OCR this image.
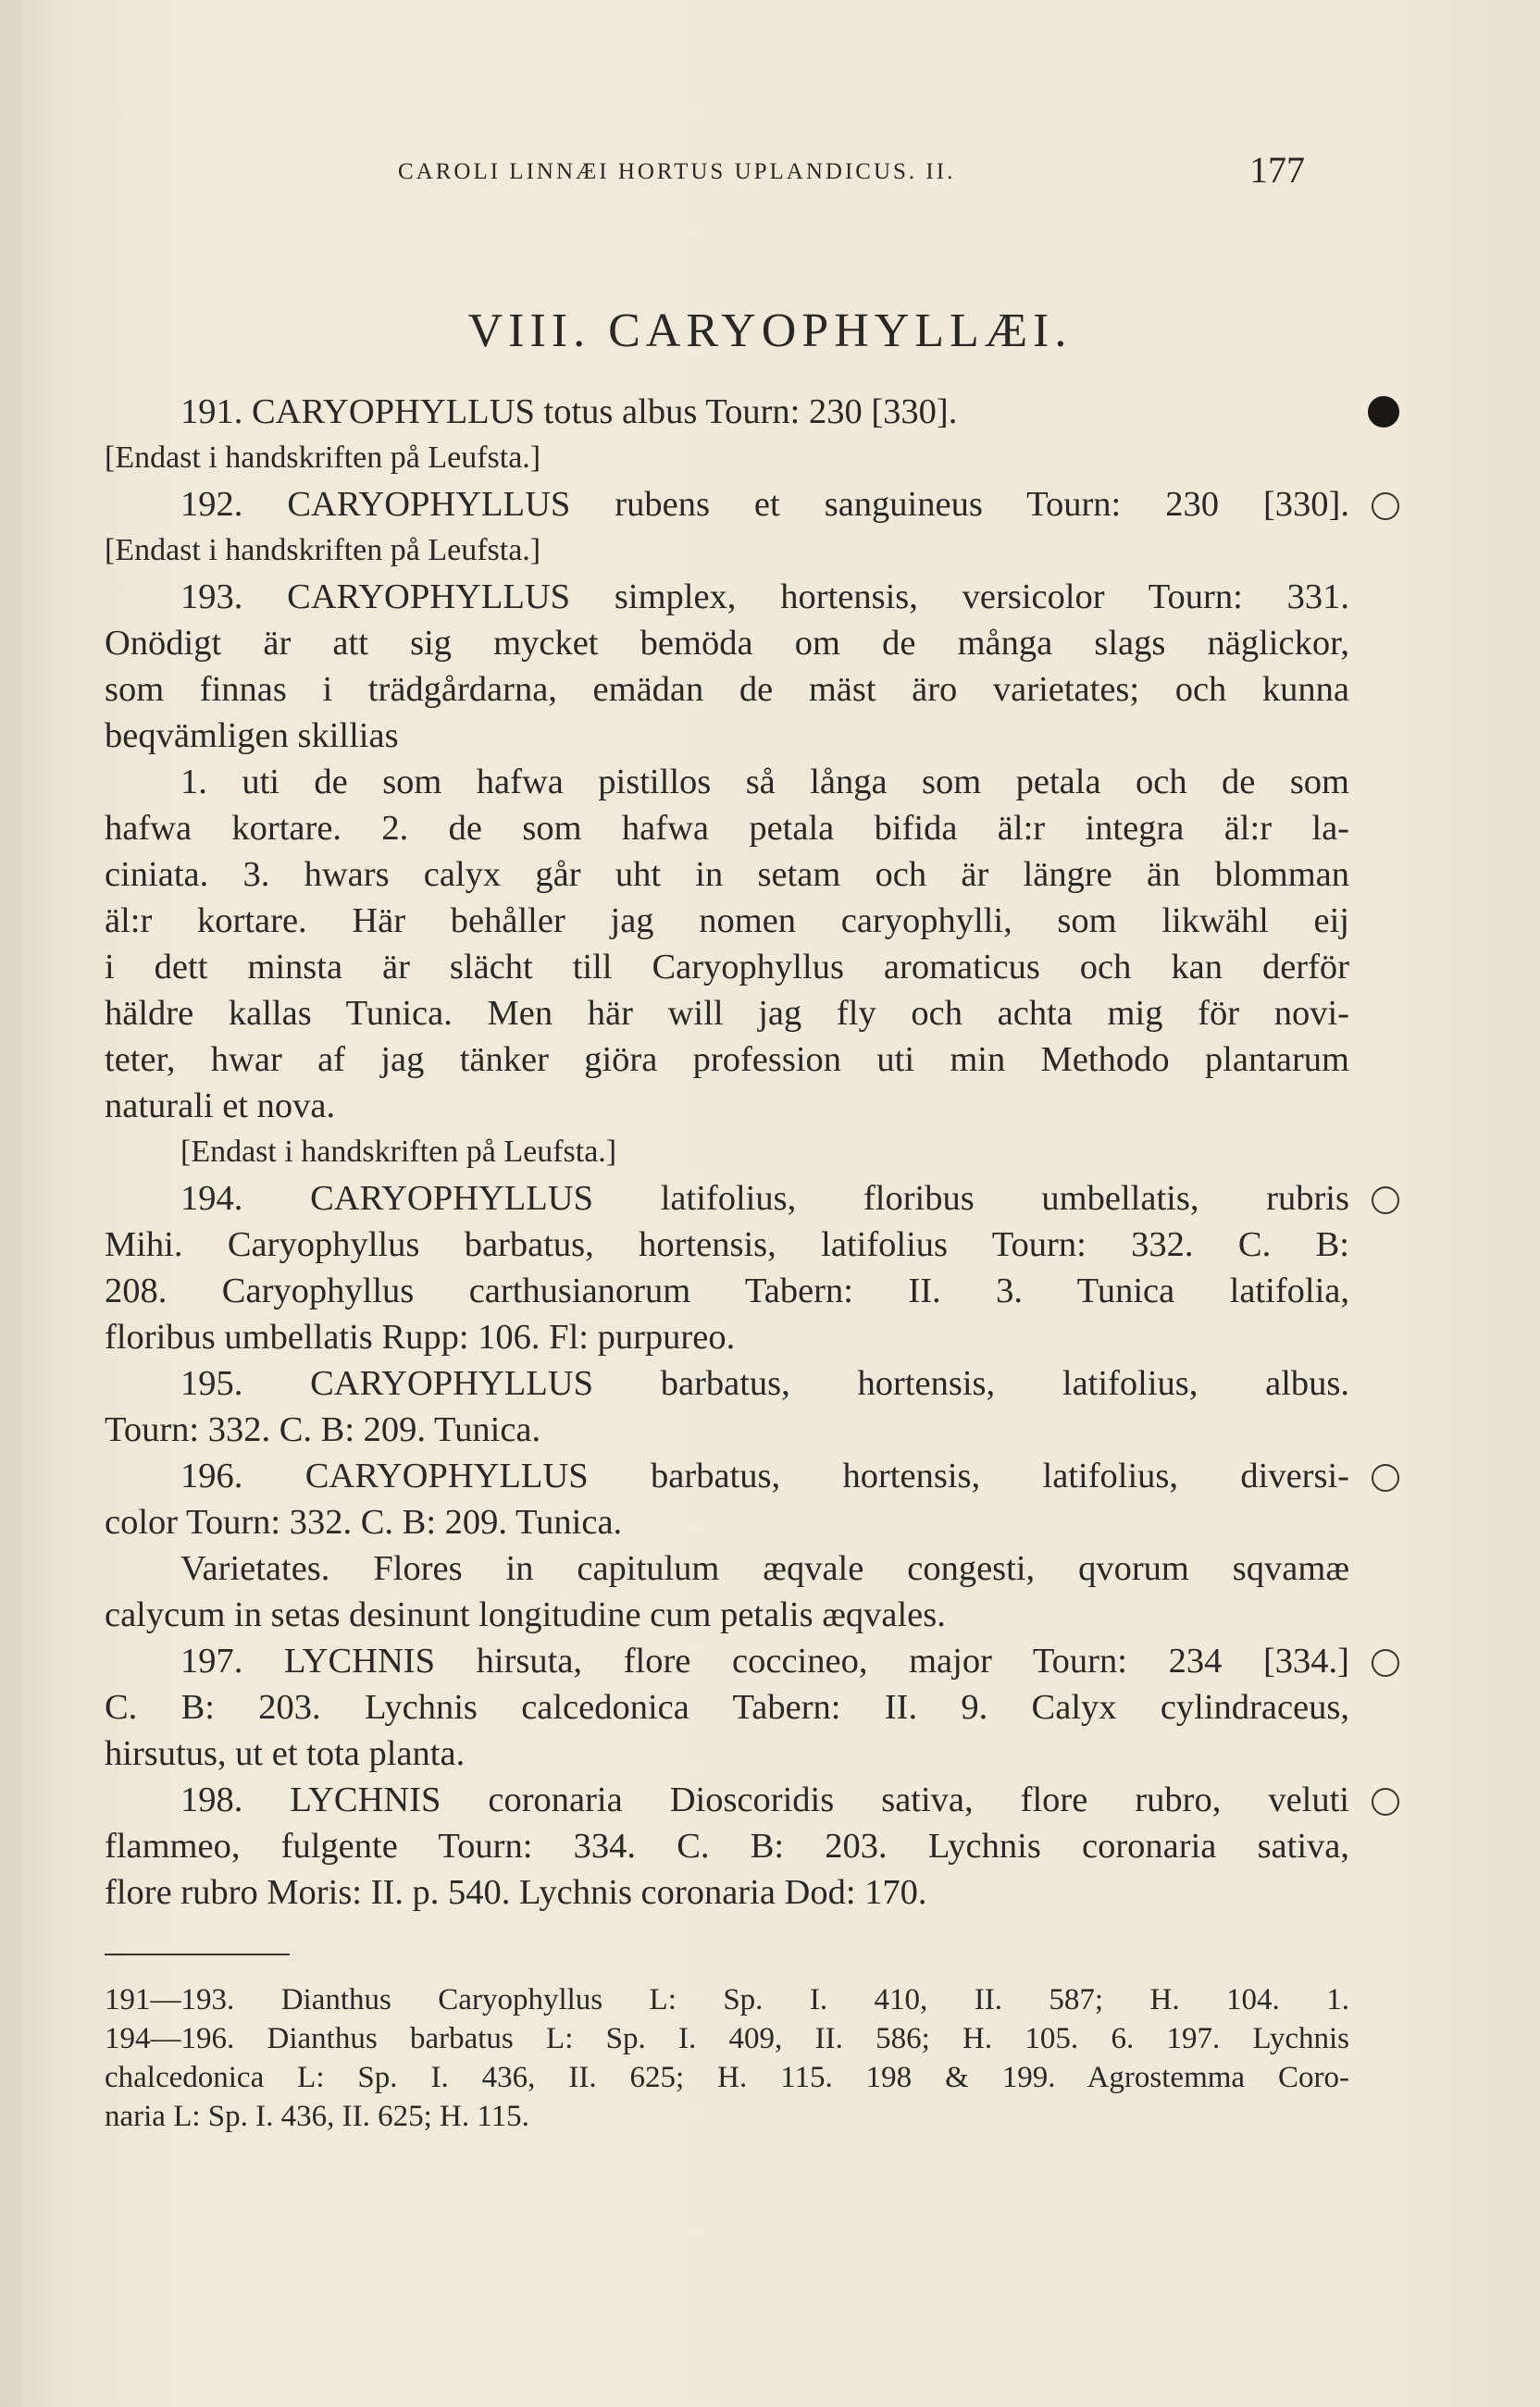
CAROLI LINNÆI HORTUS UPLANDICUS. II.	177
VIII. CARYOPHYLLÆI.
191. CARYOPHYLLUS totus albus Tourn: 230 [330].
[Endast i handskriften på Leufsta.]
192. CARYOPHYLLUS rubens et sanguineus Tourn: 230 [330].
[Endast i handskriften på Leufsta.]
193. CARYOPHYLLUS simplex, hortensis, versicolor Tourn: 331.
Onödigt är att sig mycket bemöda om de många slags näglickor,
som finnas i trädgårdarna, emädan de mäst äro varietates; och kunna
beqvämligen skillias
1. uti de som hafwa pistillos så långa som petala och de som
hafwa kortare. 2. de som hafwa petala bifida äl:r integra äl:r la-
ciniata. 3. hwars calyx går uht in setam och är längre än blomman
äl:r kortare. Här behåller jag nomen caryophylli, som likwähl eij
i dett minsta är slächt till Caryophyllus aromaticus och kan derför
häldre kallas Tunica. Men här will jag fly och achta mig för novi-
teter, hwar af jag tänker giöra profession uti min Methodo plantarum
naturali et nova.
[Endast i handskriften på Leufsta.]
194. CARYOPHYLLUS latifolius, floribus umbellatis, rubris
Mihi. Caryophyllus barbatus, hortensis, latifolius Tourn: 332. C. B:
208. Caryophyllus carthusianorum Tabern: II. 3. Tunica latifolia,
floribus umbellatis Rupp: 106. Fl: purpureo.
195. CARYOPHYLLUS barbatus, hortensis, latifolius, albus.
Tourn: 332. C. B: 209. Tunica.
196. CARYOPHYLLUS barbatus, hortensis, latifolius, diversi-
color Tourn: 332. C. B: 209. Tunica.
Varietates. Flores in capitulum æqvale congesti, qvorum sqvamæ
calycum in setas desinunt longitudine cum petalis æqvales.
197. LYCHNIS hirsuta, flore coccineo, major Tourn: 234 [334.]
C. B: 203. Lychnis calcedonica Tabern: II. 9. Calyx cylindraceus,
hirsutus, ut et tota planta.
198. LYCHNIS coronaria Dioscoridis sativa, flore rubro, veluti
flammeo, fulgente Tourn: 334. C. B: 203. Lychnis coronaria sativa,
flore rubro Moris: II. p. 540. Lychnis coronaria Dod: 170.
191—193. Dianthus Caryophyllus L: Sp. I. 410, II. 587; H. 104. 1.
194—196. Dianthus barbatus L: Sp. I. 409, II. 586; H. 105. 6. 197. Lychnis
chalcedonica L: Sp. I. 436, II. 625; H. 115. 198 & 199. Agrostemma Coro-
naria L: Sp. I. 436, II. 625; H. 115.
